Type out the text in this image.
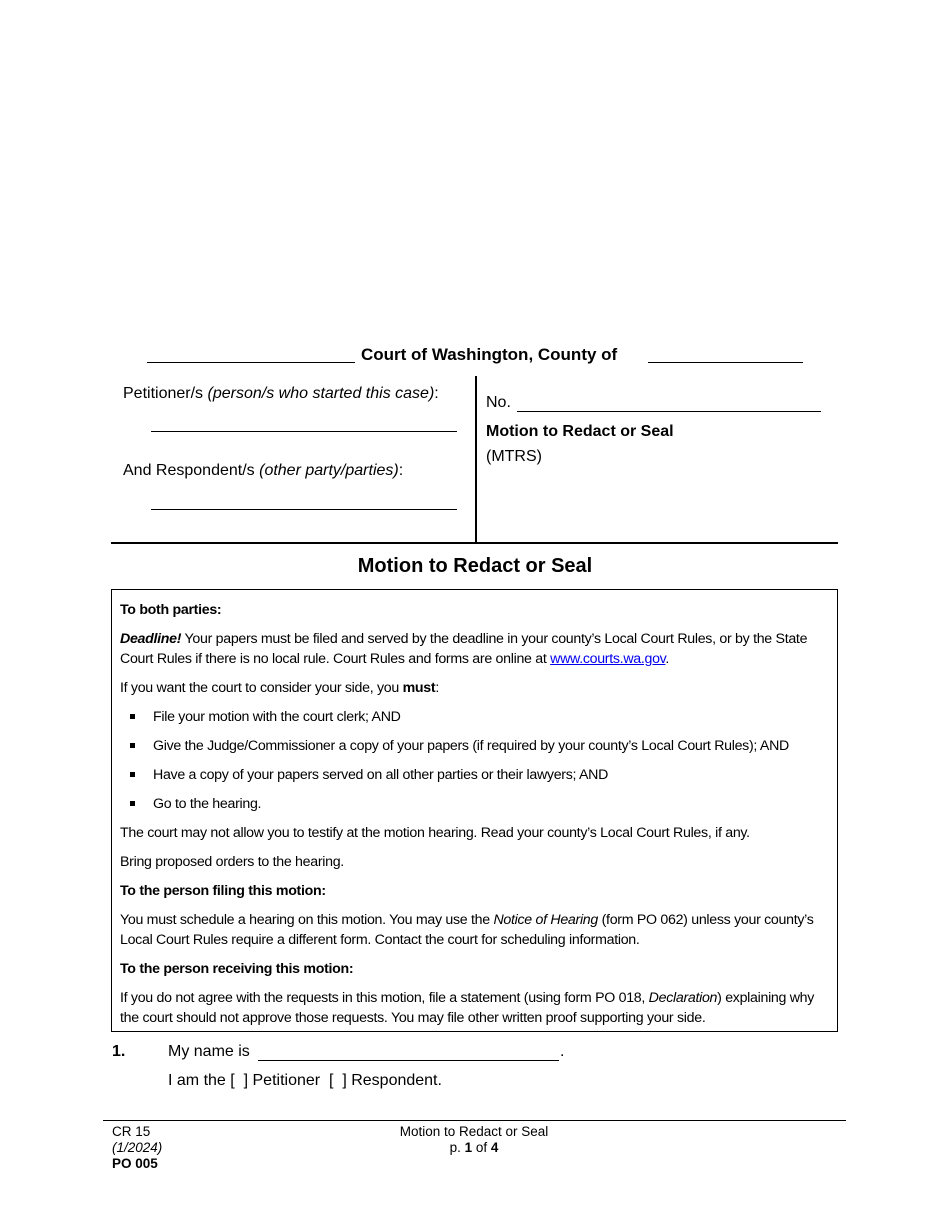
Court of Washington, County of
Petitioner/s (person/s who started this case):
And Respondent/s (other party/parties):
No.
Motion to Redact or Seal
(MTRS)
Motion to Redact or Seal

To both parties:

Deadline! Your papers must be filed and served by the deadline in your county’s Local Court Rules, or by the State Court Rules if there is no local rule. Court Rules and forms are online at www.courts.wa.gov.

If you want the court to consider your side, you must:

File your motion with the court clerk; AND
Give the Judge/Commissioner a copy of your papers (if required by your county’s Local Court Rules); AND
Have a copy of your papers served on all other parties or their lawyers; AND
Go to the hearing.

The court may not allow you to testify at the motion hearing. Read your county’s Local Court Rules, if any.

Bring proposed orders to the hearing.

To the person filing this motion:

You must schedule a hearing on this motion. You may use the Notice of Hearing (form PO 062) unless your county’s Local Court Rules require a different form. Contact the court for scheduling information.

To the person receiving this motion:

If you do not agree with the requests in this motion, file a statement (using form PO 018, Declaration) explaining why the court should not approve those requests. You may file other written proof supporting your side.

1.	My name is	.
I am the [  ] Petitioner [  ] Respondent.
CR 15
(1/2024)
PO 005
Motion to Redact or Seal
p. 1 of 4
